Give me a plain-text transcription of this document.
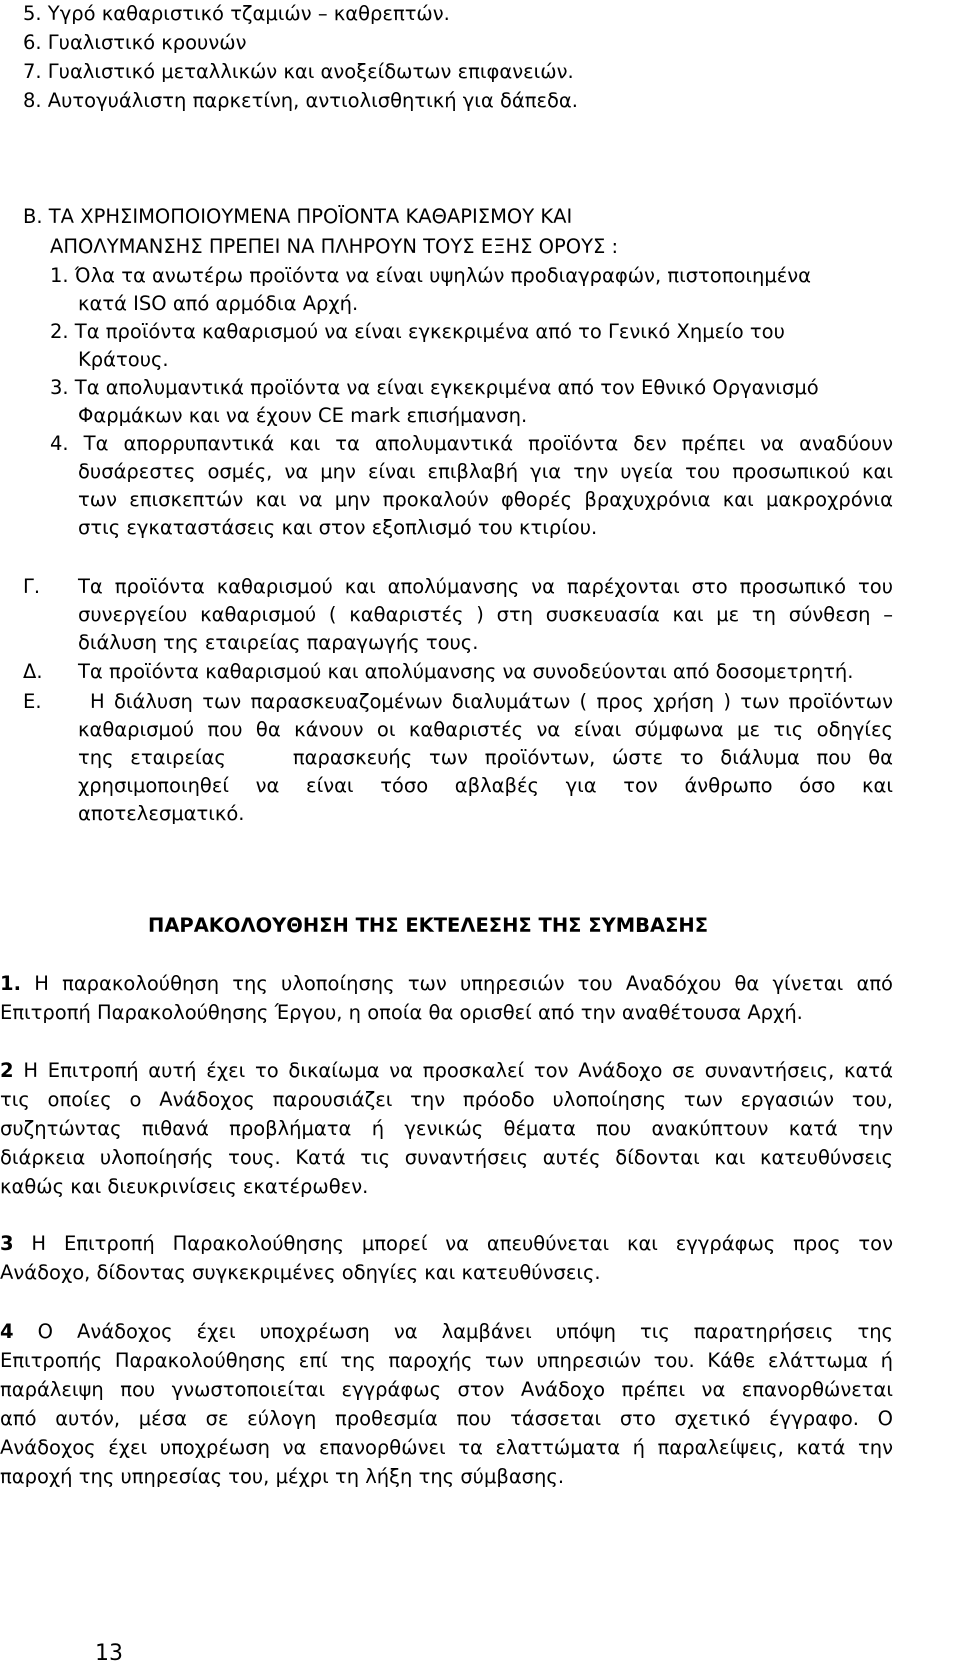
5. Υγρό καθαριστικό τζαμιών – καθρεπτών.
6. Γυαλιστικό κρουνών
7. Γυαλιστικό μεταλλικών και ανοξείδωτων επιφανειών.
8. Αυτογυάλιστη παρκετίνη, αντιολισθητική για δάπεδα.
Β. ΤΑ ΧΡΗΣΙΜΟΠΟΙΟΥΜΕΝΑ ΠΡΟΪΟΝΤΑ ΚΑΘΑΡΙΣΜΟΥ ΚΑΙ
ΑΠΟΛΥΜΑΝΣΗΣ ΠΡΕΠΕΙ ΝΑ ΠΛΗΡΟΥΝ ΤΟΥΣ ΕΞΗΣ ΟΡΟΥΣ :
1. Όλα τα ανωτέρω προϊόντα να είναι υψηλών προδιαγραφών, πιστοποιημένα
κατά ISO από αρμόδια Αρχή.
2. Τα προϊόντα καθαρισμού να είναι εγκεκριμένα από το Γενικό Χημείο του
Κράτους.
3. Τα απολυμαντικά προϊόντα να είναι εγκεκριμένα από τον Εθνικό Οργανισμό
Φαρμάκων και να έχουν CE mark επισήμανση.
4. Τα απορρυπαντικά και τα απολυμαντικά προϊόντα δεν πρέπει να αναδύουν
δυσάρεστες οσμές, να μην είναι επιβλαβή για την υγεία του προσωπικού και
των επισκεπτών και να μην προκαλούν φθορές βραχυχρόνια και μακροχρόνια
στις εγκαταστάσεις και στον εξοπλισμό του κτιρίου.
Γ. Τα προϊόντα καθαρισμού και απολύμανσης να παρέχονται στο προσωπικό του
συνεργείου καθαρισμού ( καθαριστές ) στη συσκευασία και με τη σύνθεση –
διάλυση της εταιρείας παραγωγής τους.
Δ. Τα προϊόντα καθαρισμού και απολύμανσης να συνοδεύονται από δοσομετρητή.
Ε. Η διάλυση των παρασκευαζομένων διαλυμάτων ( προς χρήση ) των προϊόντων
καθαρισμού που θα κάνουν οι καθαριστές να είναι σύμφωνα με τις οδηγίες
της εταιρείας    παρασκευής των προϊόντων, ώστε το διάλυμα που θα
χρησιμοποιηθεί να είναι τόσο αβλαβές για τον άνθρωπο όσο και
αποτελεσματικό.
ΠΑΡΑΚΟΛΟΥΘΗΣΗ ΤΗΣ ΕΚΤΕΛΕΣΗΣ ΤΗΣ ΣΥΜΒΑΣΗΣ
1. Η παρακολούθηση της υλοποίησης των υπηρεσιών του Αναδόχου θα γίνεται από
Επιτροπή Παρακολούθησης Έργου, η οποία θα ορισθεί από την αναθέτουσα Αρχή.
2 Η Επιτροπή αυτή έχει το δικαίωμα να προσκαλεί τον Ανάδοχο σε συναντήσεις, κατά
τις οποίες ο Ανάδοχος παρουσιάζει την πρόοδο υλοποίησης των εργασιών του,
συζητώντας πιθανά προβλήματα ή γενικώς θέματα που ανακύπτουν κατά την
διάρκεια υλοποίησής τους. Κατά τις συναντήσεις αυτές δίδονται και κατευθύνσεις
καθώς και διευκρινίσεις εκατέρωθεν.
3 Η Επιτροπή Παρακολούθησης μπορεί να απευθύνεται και εγγράφως προς τον
Ανάδοχο, δίδοντας συγκεκριμένες οδηγίες και κατευθύνσεις.
4 Ο Ανάδοχος έχει υποχρέωση να λαμβάνει υπόψη τις παρατηρήσεις της
Επιτροπής Παρακολούθησης επί της παροχής των υπηρεσιών του. Κάθε ελάττωμα ή
παράλειψη που γνωστοποιείται εγγράφως στον Ανάδοχο πρέπει να επανορθώνεται
από αυτόν, μέσα σε εύλογη προθεσμία που τάσσεται στο σχετικό έγγραφο. Ο
Ανάδοχος έχει υποχρέωση να επανορθώνει τα ελαττώματα ή παραλείψεις, κατά την
παροχή της υπηρεσίας του, μέχρι τη λήξη της σύμβασης.
13
